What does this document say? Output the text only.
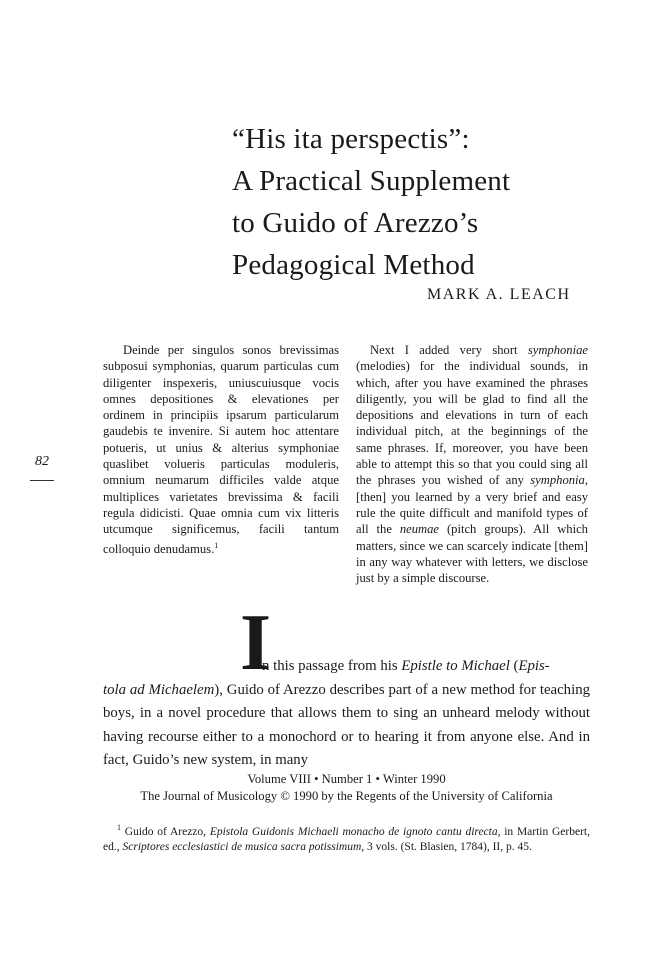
“His ita perspectis”:
A Practical Supplement
to Guido of Arezzo’s
Pedagogical Method
MARK A. LEACH

Deinde per singulos sonos brevissimas subposui symphonias, quarum particulas cum diligenter inspexeris, uniuscuiusque vocis omnes depositiones & elevationes per ordinem in principiis ipsarum particularum gaudebis te invenire. Si autem hoc attentare potueris, ut unius & alterius symphoniae quaslibet volueris particulas moduleris, omnium neumarum difficiles valde atque multiplices varietates brevissima & facili regula didicisti. Quae omnia cum vix litteris utcumque significemus, facili tantum colloquio denudamus.$^1$

Next I added very short symphoniae (melodies) for the individual sounds, in which, after you have examined the phrases diligently, you will be glad to find all the depositions and elevations in turn of each individual pitch, at the beginnings of the same phrases. If, moreover, you have been able to attempt this so that you could sing all the phrases you wished of any symphonia, [then] you learned by a very brief and easy rule the quite difficult and manifold types of all the neumae (pitch groups). All which matters, since we can scarcely indicate [them] in any way whatever with letters, we disclose just by a simple discourse.

82
I
n this passage from his Epistle to Michael (Epis-
tola ad Michaelem), Guido of Arezzo describes part of a new method for teaching boys, in a novel procedure that allows them to sing an unheard melody without having recourse either to a monochord or to hearing it from anyone else. And in fact, Guido’s new system, in many
Volume VIII • Number 1 • Winter 1990
The Journal of Musicology © 1990 by the Regents of the University of California

$^1$ Guido of Arezzo, Epistola Guidonis Michaeli monacho de ignoto cantu directa, in Martin Gerbert, ed., Scriptores ecclesiastici de musica sacra potissimum, 3 vols. (St. Blasien, 1784), II, p. 45.
